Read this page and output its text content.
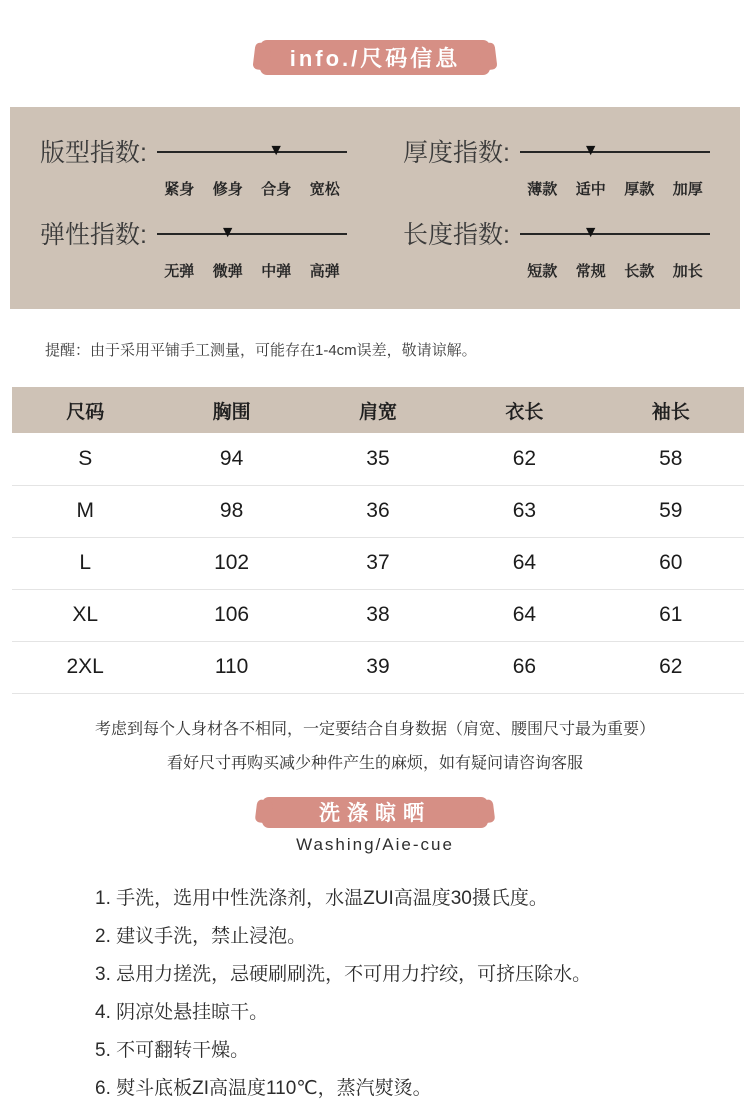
info./尺码信息
版型指数:	▼
紧身	修身	合身	宽松
厚度指数:	▼
薄款	适中	厚款	加厚
弹性指数:	▼
无弹	微弹	中弹	高弹
长度指数:	▼
短款	常规	长款	加长

提醒：由于采用平铺手工测量，可能存在1-4cm误差，敬请谅解。

尺码	胸围	肩宽	衣长	袖长
S	94	35	62	58
M	98	36	63	59
L	102	37	64	60
XL	106	38	64	61
2XL	110	39	66	62

考虑到每个人身材各不相同，一定要结合自身数据（肩宽、腰围尺寸最为重要）

看好尺寸再购买减少种件产生的麻烦，如有疑问请咨询客服

洗涤晾晒

Washing/Aie-cue

1. 手洗，选用中性洗涤剂，水温ZUI高温度30摄氏度。
2. 建议手洗，禁止浸泡。
3. 忌用力搓洗，忌硬刷刷洗，不可用力拧绞，可挤压除水。
4. 阴凉处悬挂晾干。
5. 不可翻转干燥。
6. 熨斗底板ZI高温度110℃，蒸汽熨烫。
